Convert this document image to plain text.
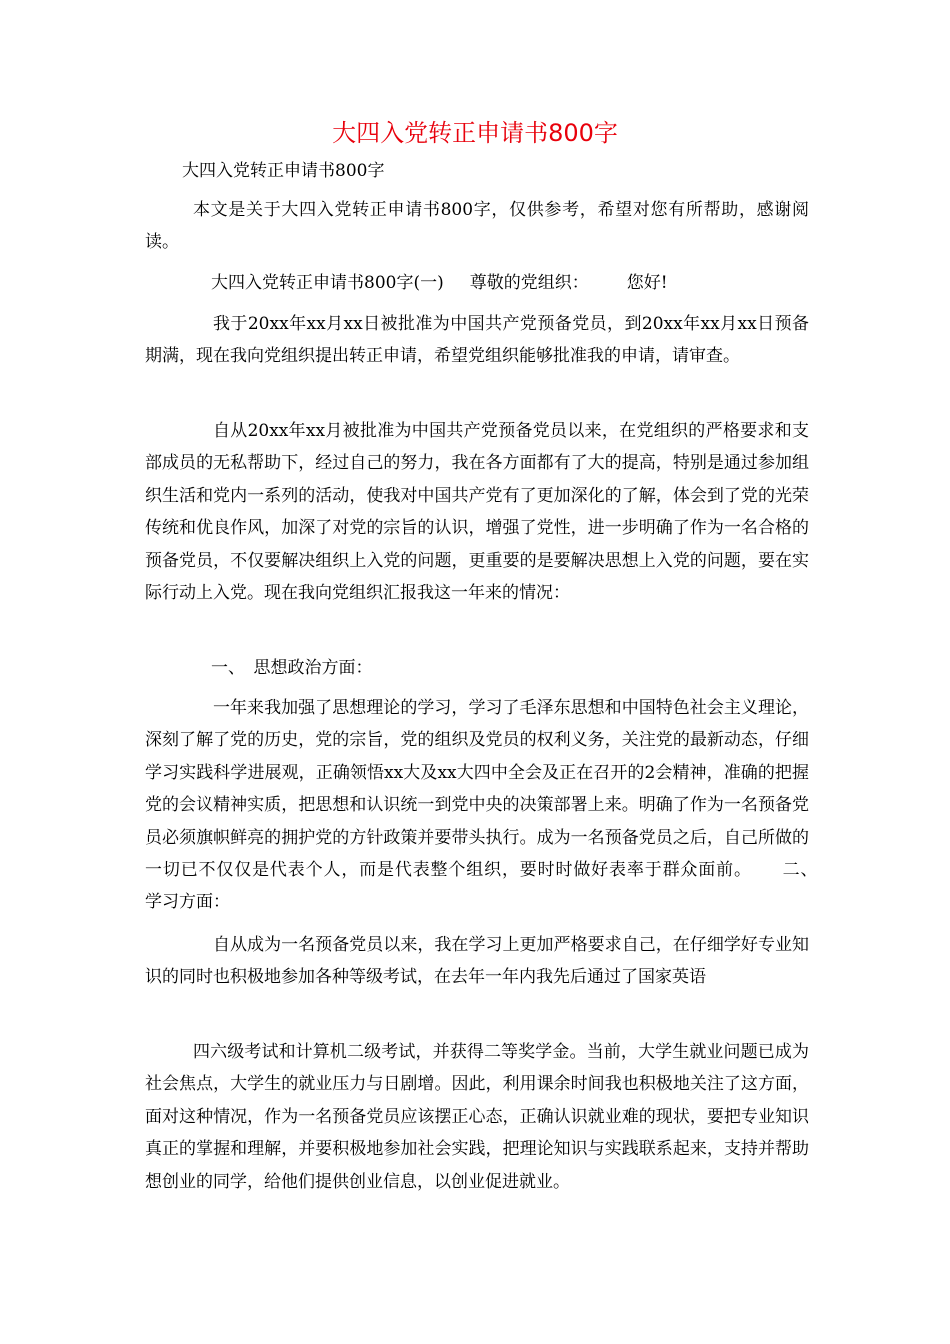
大四入党转正申请书800字

大四入党转正申请书800字

本文是关于大四入党转正申请书800字，仅供参考，希望对您有所帮助，感谢阅读。

大四入党转正申请书800字(一) 尊敬的党组织： 您好!

我于20xx年xx月xx日被批准为中国共产党预备党员，到20xx年xx月xx日预备期满，现在我向党组织提出转正申请，希望党组织能够批准我的申请，请审查。

自从20xx年xx月被批准为中国共产党预备党员以来，在党组织的严格要求和支部成员的无私帮助下，经过自己的努力，我在各方面都有了大的提高，特别是通过参加组织生活和党内一系列的活动，使我对中国共产党有了更加深化的了解，体会到了党的光荣传统和优良作风，加深了对党的宗旨的认识，增强了党性，进一步明确了作为一名合格的预备党员，不仅要解决组织上入党的问题，更重要的是要解决思想上入党的问题，要在实际行动上入党。现在我向党组织汇报我这一年来的情况：

一、　思想政治方面：

一年来我加强了思想理论的学习，学习了毛泽东思想和中国特色社会主义理论，深刻了解了党的历史，党的宗旨，党的组织及党员的权利义务，关注党的最新动态，仔细学习实践科学进展观，正确领悟xx大及xx大四中全会及正在召开的2会精神，准确的把握党的会议精神实质，把思想和认识统一到党中央的决策部署上来。明确了作为一名预备党员必须旗帜鲜亮的拥护党的方针政策并要带头执行。成为一名预备党员之后，自己所做的一切已不仅仅是代表个人，而是代表整个组织，要时时做好表率于群众面前。 二、　学习方面：

自从成为一名预备党员以来，我在学习上更加严格要求自己，在仔细学好专业知识的同时也积极地参加各种等级考试，在去年一年内我先后通过了国家英语

四六级考试和计算机二级考试，并获得二等奖学金。当前，大学生就业问题已成为社会焦点，大学生的就业压力与日剧增。因此，利用课余时间我也积极地关注了这方面，面对这种情况，作为一名预备党员应该摆正心态，正确认识就业难的现状，要把专业知识真正的掌握和理解，并要积极地参加社会实践，把理论知识与实践联系起来，支持并帮助想创业的同学，给他们提供创业信息，以创业促进就业。
